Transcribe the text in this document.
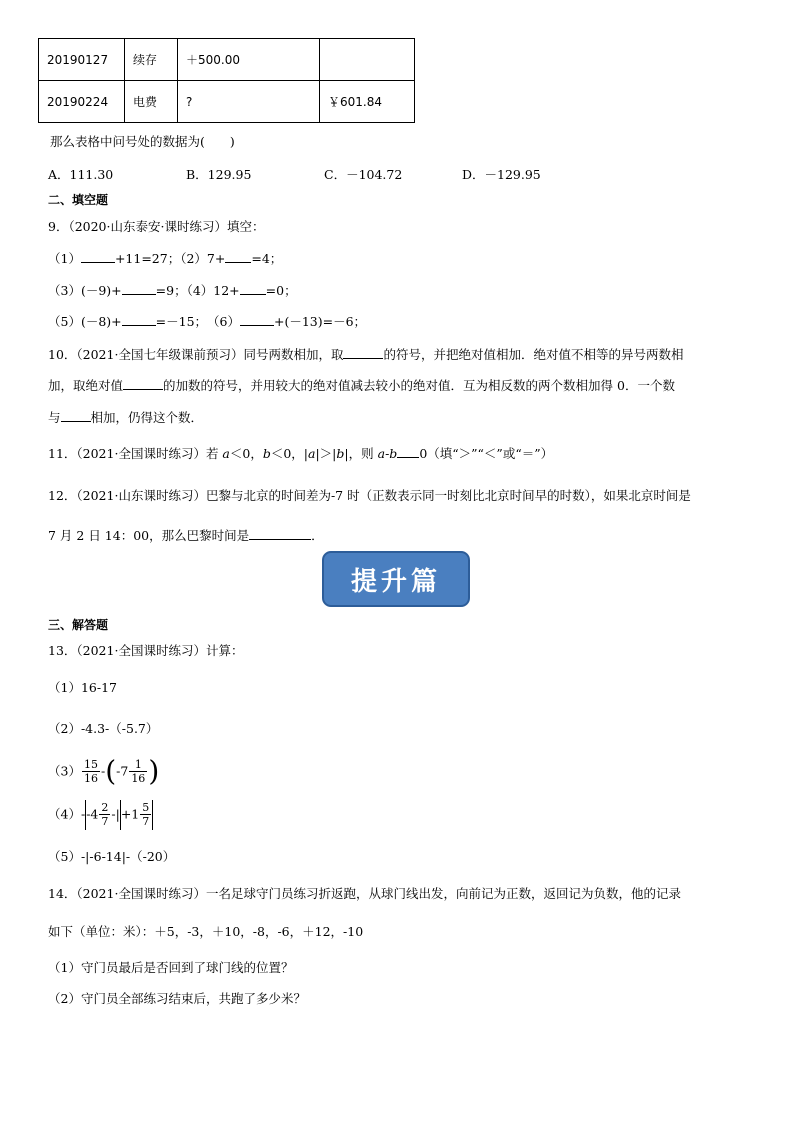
20190127	续存	＋500.00	
20190224	电费	?	￥601.84
那么表格中问号处的数据为(　　)
A．111.30	B．129.95	C．－104.72	D．－129.95
二、填空题
9．（2020·山东泰安·课时练习）填空：
（1）	+11=27；（2）7+ =4；
（3）(－9)+	=9；（4）12+ =0；
（5）(－8)+	=－15；　（6）	+(－13)=－6；
10．（2021·全国七年级课前预习）同号两数相加，取	的符号，并把绝对值相加．绝对值不相等的异号两数相
加，取绝对值	的加数的符号，并用较大的绝对值减去较小的绝对值．互为相反数的两个数相加得 0．一个数
与 相加，仍得这个数．
11．（2021·全国课时练习）若 a＜0，b＜0，|a|＞|b|，则 a-b 0（填“＞”“＜”或“＝”）
12．（2021·山东课时练习）巴黎与北京的时间差为-7 时（正数表示同一时刻比北京时间早的时数），如果北京时间是
7 月 2 日 14：00，那么巴黎时间是	．
提升篇
三、解答题
13．（2021·全国课时练习）计算：
（1）16-17
（2）-4.3-（-5.7）
$(3) \frac{15}{16} -(-7 \frac{1}{16}$ )
$(4)--4 \frac{2}{7} -|+1 \frac{5}{7}$
（5）-|-6-14|-（-20）
14．（2021·全国课时练习）一名足球守门员练习折返跑，从球门线出发，向前记为正数，返回记为负数，他的记录
如下（单位：米）：＋5，-3，＋10，-8，-6，＋12，-10
（1）守门员最后是否回到了球门线的位置？
（2）守门员全部练习结束后，共跑了多少米？
